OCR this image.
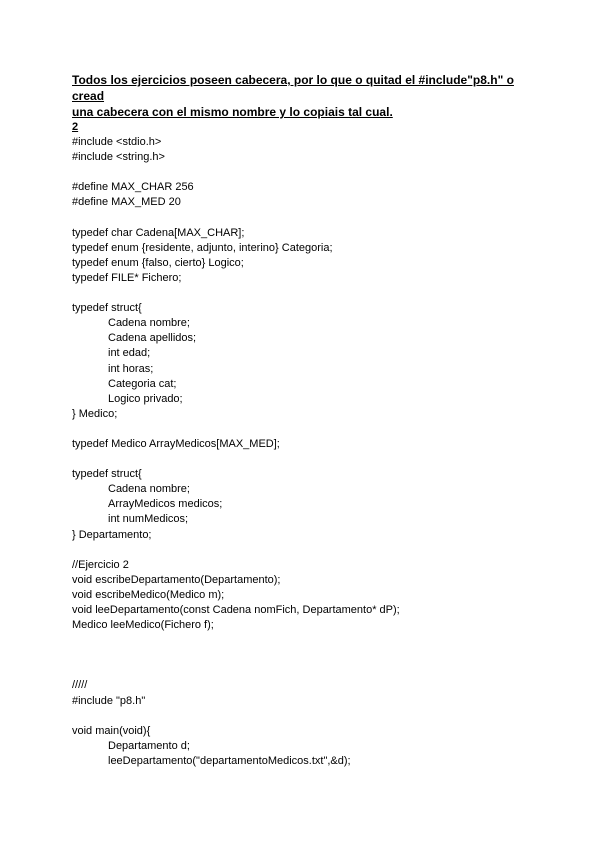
Todos los ejercicios poseen cabecera, por lo que o quitad el #include"p8.h" o cread
una cabecera con el mismo nombre y lo copiais tal cual.
2
#include <stdio.h>
#include <string.h>
#define MAX_CHAR 256
#define MAX_MED 20
typedef char Cadena[MAX_CHAR];
typedef enum {residente, adjunto, interino} Categoria;
typedef enum {falso, cierto} Logico;
typedef FILE* Fichero;
typedef struct{
Cadena nombre;
Cadena apellidos;
int edad;
int horas;
Categoria cat;
Logico privado;
} Medico;
typedef Medico ArrayMedicos[MAX_MED];
typedef struct{
Cadena nombre;
ArrayMedicos medicos;
int numMedicos;
} Departamento;
//Ejercicio 2
void escribeDepartamento(Departamento);
void escribeMedico(Medico m);
void leeDepartamento(const Cadena nomFich, Departamento* dP);
Medico leeMedico(Fichero f);
/////
#include "p8.h"
void main(void){
Departamento d;
leeDepartamento("departamentoMedicos.txt",&d);
